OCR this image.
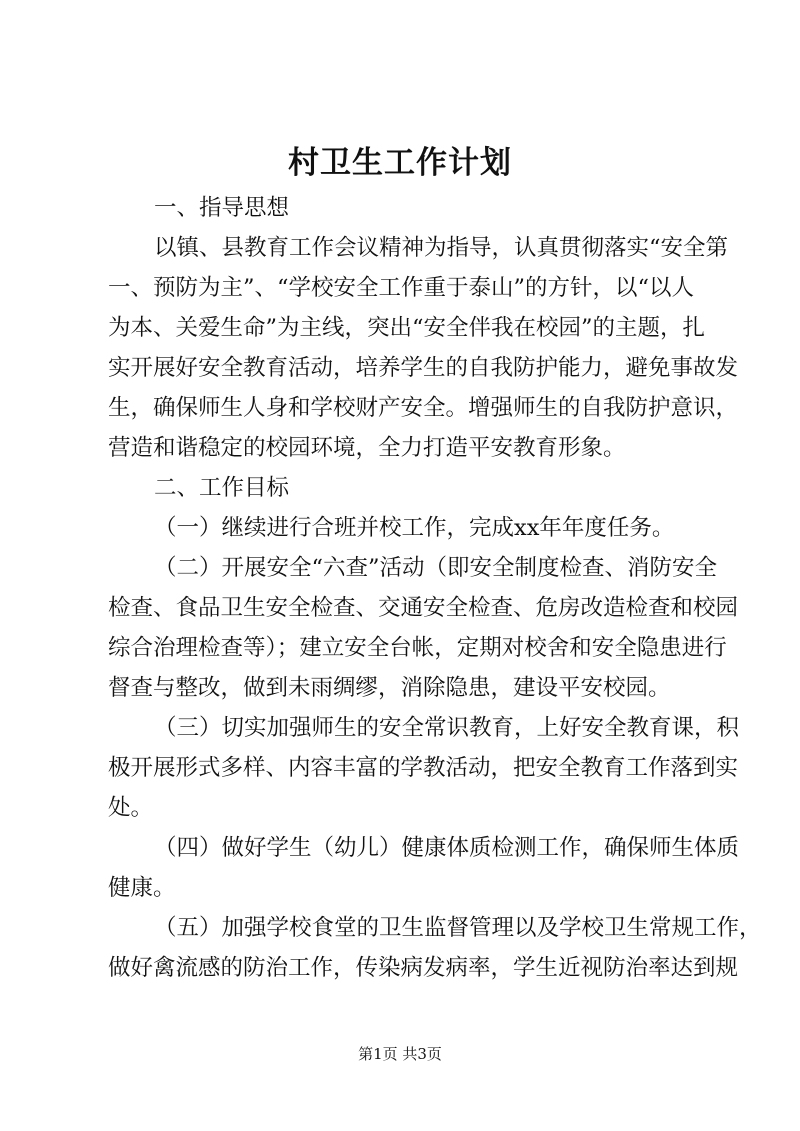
村卫生工作计划
一、指导思想
以镇、县教育工作会议精神为指导，认真贯彻落实“安全第
一、预防为主”、“学校安全工作重于泰山”的方针，以“以人
为本、关爱生命”为主线，突出“安全伴我在校园”的主题，扎
实开展好安全教育活动，培养学生的自我防护能力，避免事故发
生，确保师生人身和学校财产安全。增强师生的自我防护意识，
营造和谐稳定的校园环境，全力打造平安教育形象。
二、工作目标
（一）继续进行合班并校工作，完成xx年年度任务。
（二）开展安全“六查”活动（即安全制度检查、消防安全
检查、食品卫生安全检查、交通安全检查、危房改造检查和校园
综合治理检查等）；建立安全台帐，定期对校舍和安全隐患进行
督查与整改，做到未雨绸缪，消除隐患，建设平安校园。
（三）切实加强师生的安全常识教育，上好安全教育课，积
极开展形式多样、内容丰富的学教活动，把安全教育工作落到实
处。
（四）做好学生（幼儿）健康体质检测工作，确保师生体质
健康。
（五）加强学校食堂的卫生监督管理以及学校卫生常规工作，
做好禽流感的防治工作，传染病发病率，学生近视防治率达到规
第1页 共3页
